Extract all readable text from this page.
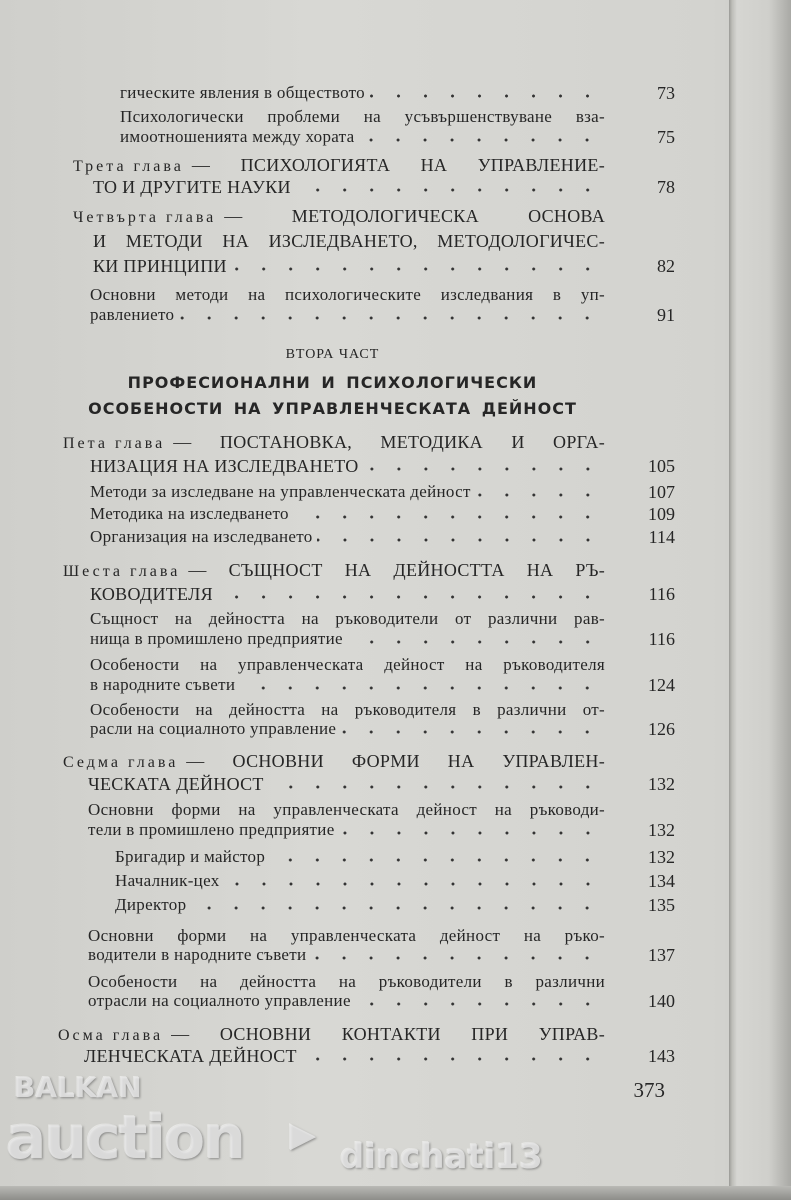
гическите явления в обществото	73
Психологически проблеми на усъвършенствуване вза-
имоотношенията между хората	75
Трета глава — ПСИХОЛОГИЯТА НА УПРАВЛЕНИЕ-
ТО И ДРУГИТЕ НАУКИ	78
Четвърта глава — МЕТОДОЛОГИЧЕСКА ОСНОВА
И МЕТОДИ НА ИЗСЛЕДВАНЕТО, МЕТОДОЛОГИЧЕС-
КИ ПРИНЦИПИ	82
Основни методи на психологическите изследвания в уп-
равлението	91
Пета глава — ПОСТАНОВКА, МЕТОДИКА И ОРГА-
НИЗАЦИЯ НА ИЗСЛЕДВАНЕТО	105
Методи за изследване на управленческата дейност	107
Методика на изследването	109
Организация на изследването	114
Шеста глава — СЪЩНОСТ НА ДЕЙНОСТТА НА РЪ-
КОВОДИТЕЛЯ	116
Същност на дейността на ръководители от различни рав-
нища в промишлено предприятие	116
Особености на управленческата дейност на ръководителя
в народните съвети	124
Особености на дейността на ръководителя в различни от-
расли на социалното управление	126
Седма глава — ОСНОВНИ ФОРМИ НА УПРАВЛЕН-
ЧЕСКАТА ДЕЙНОСТ	132
Основни форми на управленческата дейност на ръководи-
тели в промишлено предприятие	132
Бригадир и майстор	132
Началник-цех	134
Директор	135
Основни форми на управленческата дейност на ръко-
водители в народните съвети	137
Особености на дейността на ръководители в различни
отрасли на социалното управление	140
Осма глава — ОСНОВНИ КОНТАКТИ ПРИ УПРАВ-
ЛЕНЧЕСКАТА ДЕЙНОСТ	143
ВТОРА ЧАСТ
ПРОФЕСИОНАЛНИ И ПСИХОЛОГИЧЕСКИ
ОСОБЕНОСТИ НА УПРАВЛЕНЧЕСКАТА ДЕЙНОСТ
373
BALKAN
auction ▶
dinchati13
